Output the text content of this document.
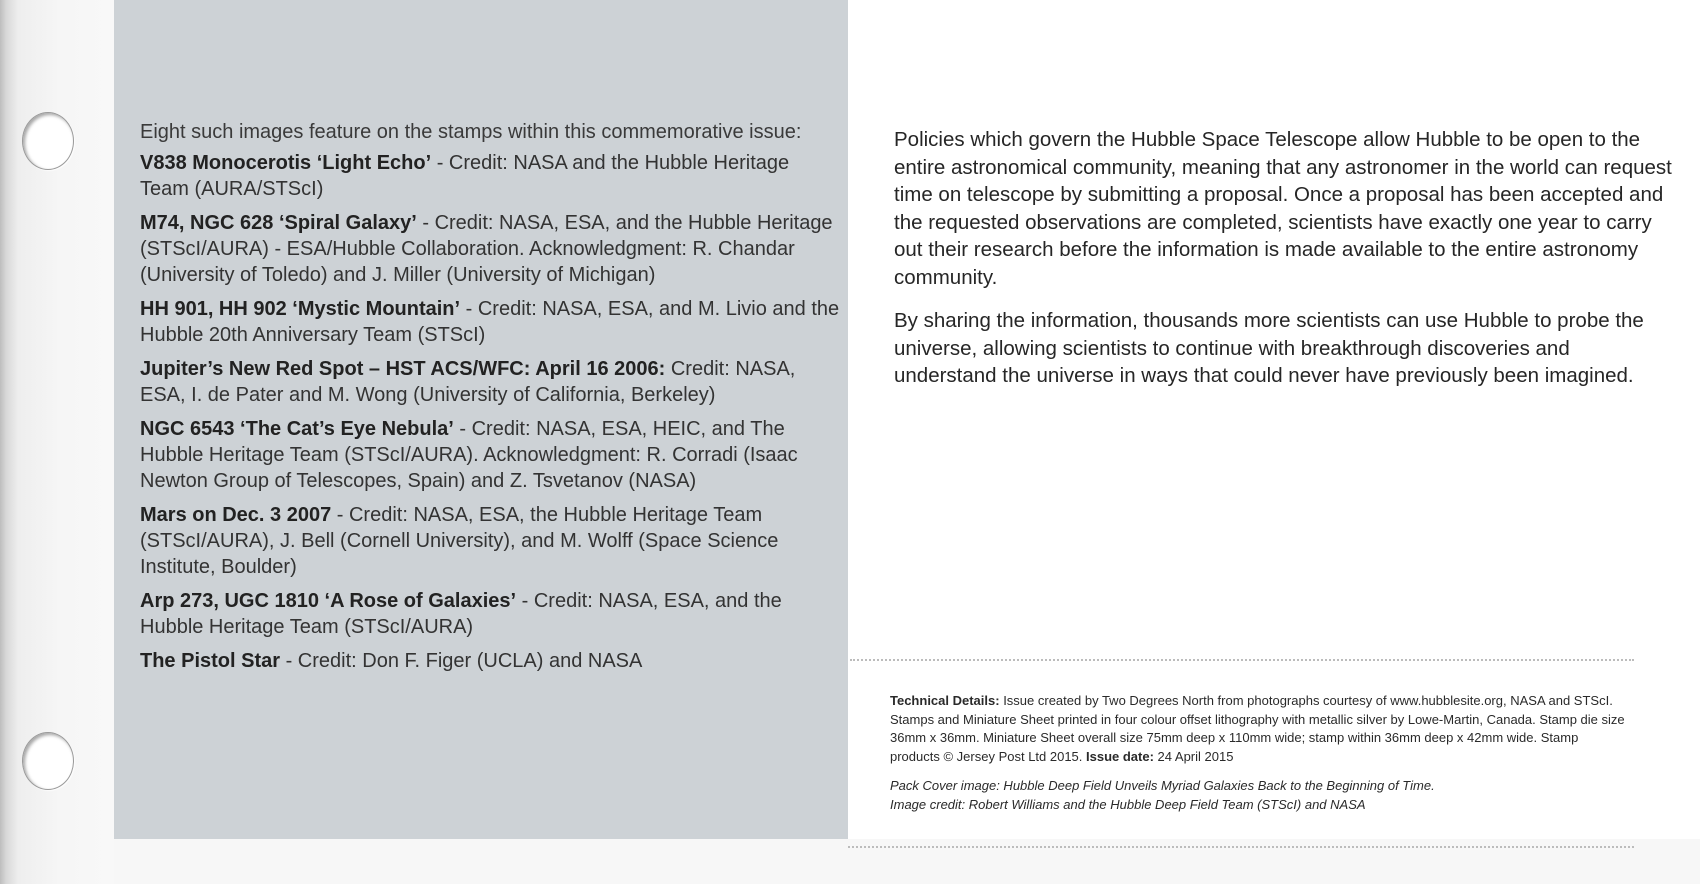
Eight such images feature on the stamps within this commemorative issue:

V838 Monocerotis ‘Light Echo’ - Credit: NASA and the Hubble Heritage Team (AURA/STScI)

M74, NGC 628 ‘Spiral Galaxy’ - Credit: NASA, ESA, and the Hubble Heritage (STScI/AURA) - ESA/Hubble Collaboration. Acknowledgment: R. Chandar (University of Toledo) and J. Miller (University of Michigan)

HH 901, HH 902 ‘Mystic Mountain’ - Credit: NASA, ESA, and M. Livio and the Hubble 20th Anniversary Team (STScI)

Jupiter’s New Red Spot – HST ACS/WFC: April 16 2006: Credit: NASA, ESA, I. de Pater and M. Wong (University of California, Berkeley)

NGC 6543 ‘The Cat’s Eye Nebula’ - Credit: NASA, ESA, HEIC, and The Hubble Heritage Team (STScI/AURA). Acknowledgment: R. Corradi (Isaac Newton Group of Telescopes, Spain) and Z. Tsvetanov (NASA)

Mars on Dec. 3 2007 - Credit: NASA, ESA, the Hubble Heritage Team (STScI/AURA), J. Bell (Cornell University), and M. Wolff (Space Science Institute, Boulder)

Arp 273, UGC 1810 ‘A Rose of Galaxies’ - Credit: NASA, ESA, and the Hubble Heritage Team (STScI/AURA)

The Pistol Star - Credit: Don F. Figer (UCLA) and NASA

Policies which govern the Hubble Space Telescope allow Hubble to be open to the entire astronomical community, meaning that any astronomer in the world can request time on telescope by submitting a proposal. Once a proposal has been accepted and the requested observations are completed, scientists have exactly one year to carry out their research before the information is made available to the entire astronomy community.

By sharing the information, thousands more scientists can use Hubble to probe the universe, allowing scientists to continue with breakthrough discoveries and understand the universe in ways that could never have previously been imagined.

Technical Details: Issue created by Two Degrees North from photographs courtesy of www.hubblesite.org, NASA and STScI. Stamps and Miniature Sheet printed in four colour offset lithography with metallic silver by Lowe-Martin, Canada. Stamp die size 36mm x 36mm. Miniature Sheet overall size 75mm deep x 110mm wide; stamp within 36mm deep x 42mm wide. Stamp products © Jersey Post Ltd 2015. Issue date: 24 April 2015
Pack Cover image: Hubble Deep Field Unveils Myriad Galaxies Back to the Beginning of Time.
Image credit: Robert Williams and the Hubble Deep Field Team (STScI) and NASA
